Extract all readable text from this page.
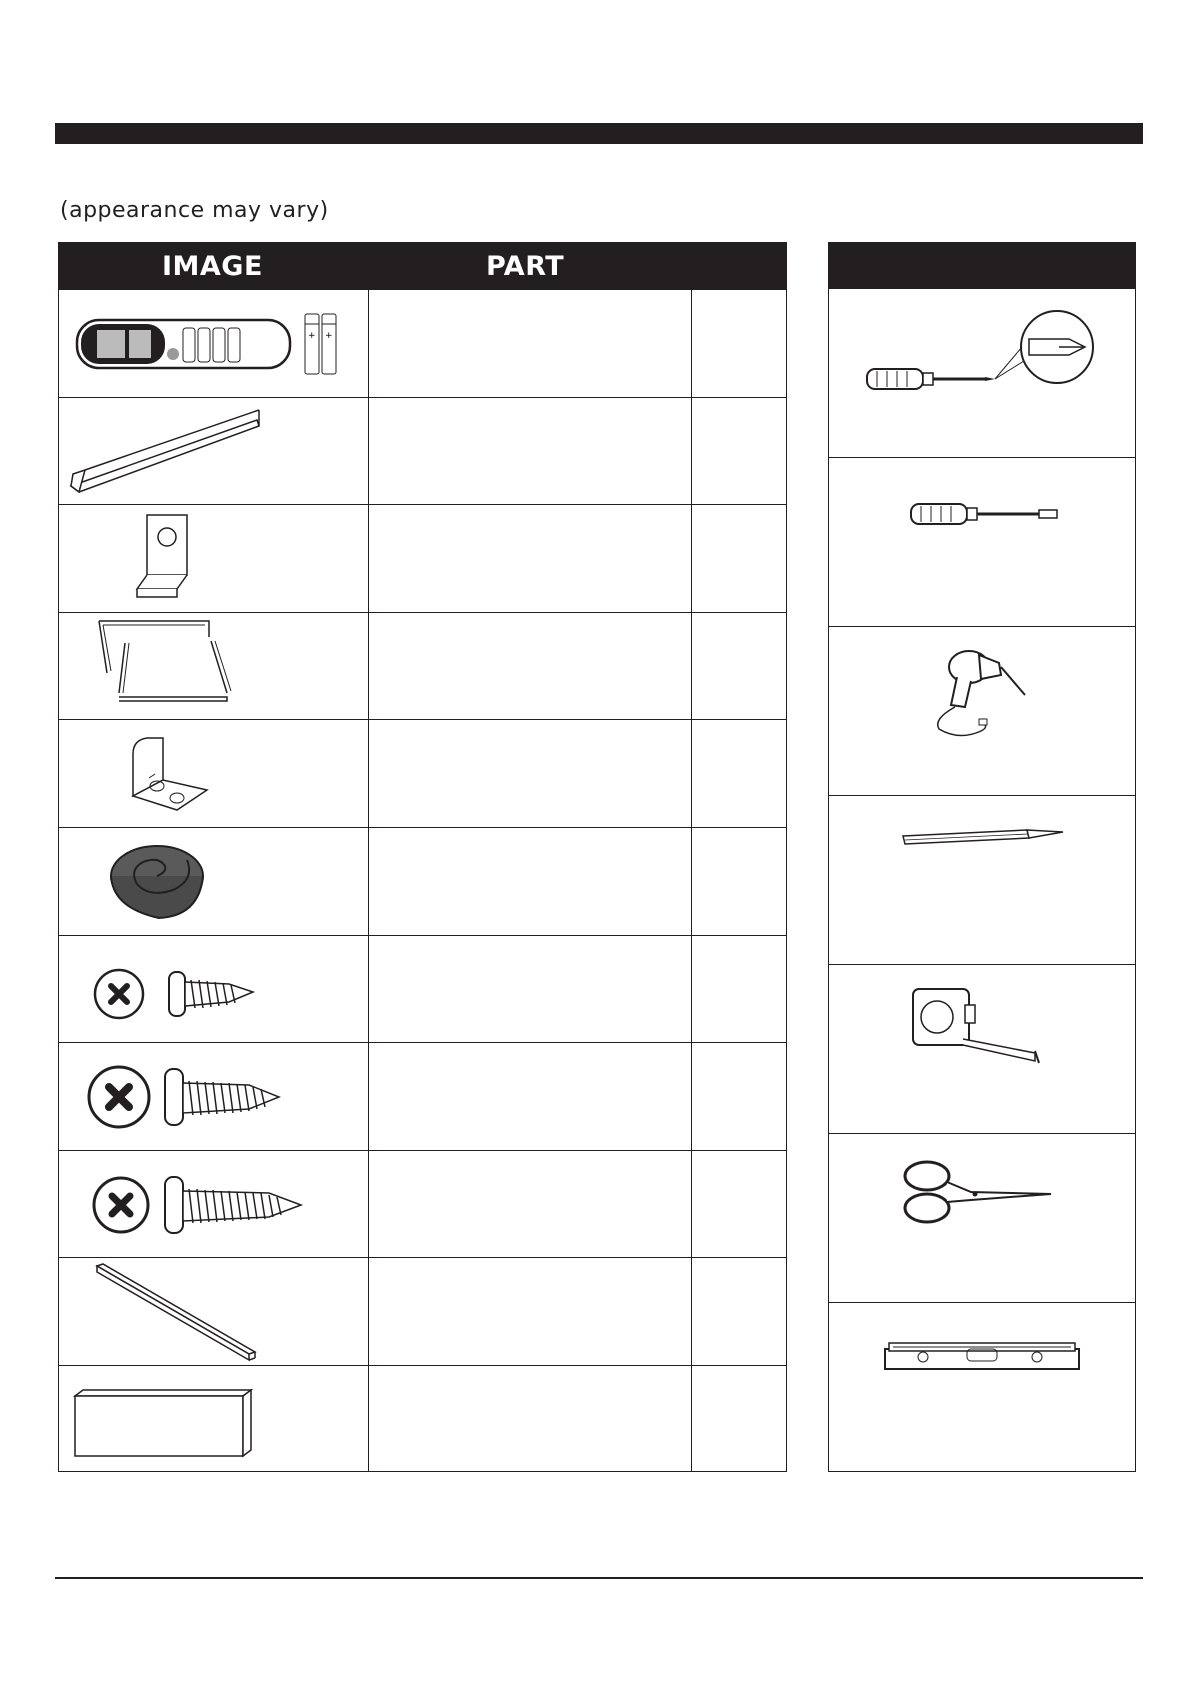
(appearance may vary)
IMAGE	PART
+ +
